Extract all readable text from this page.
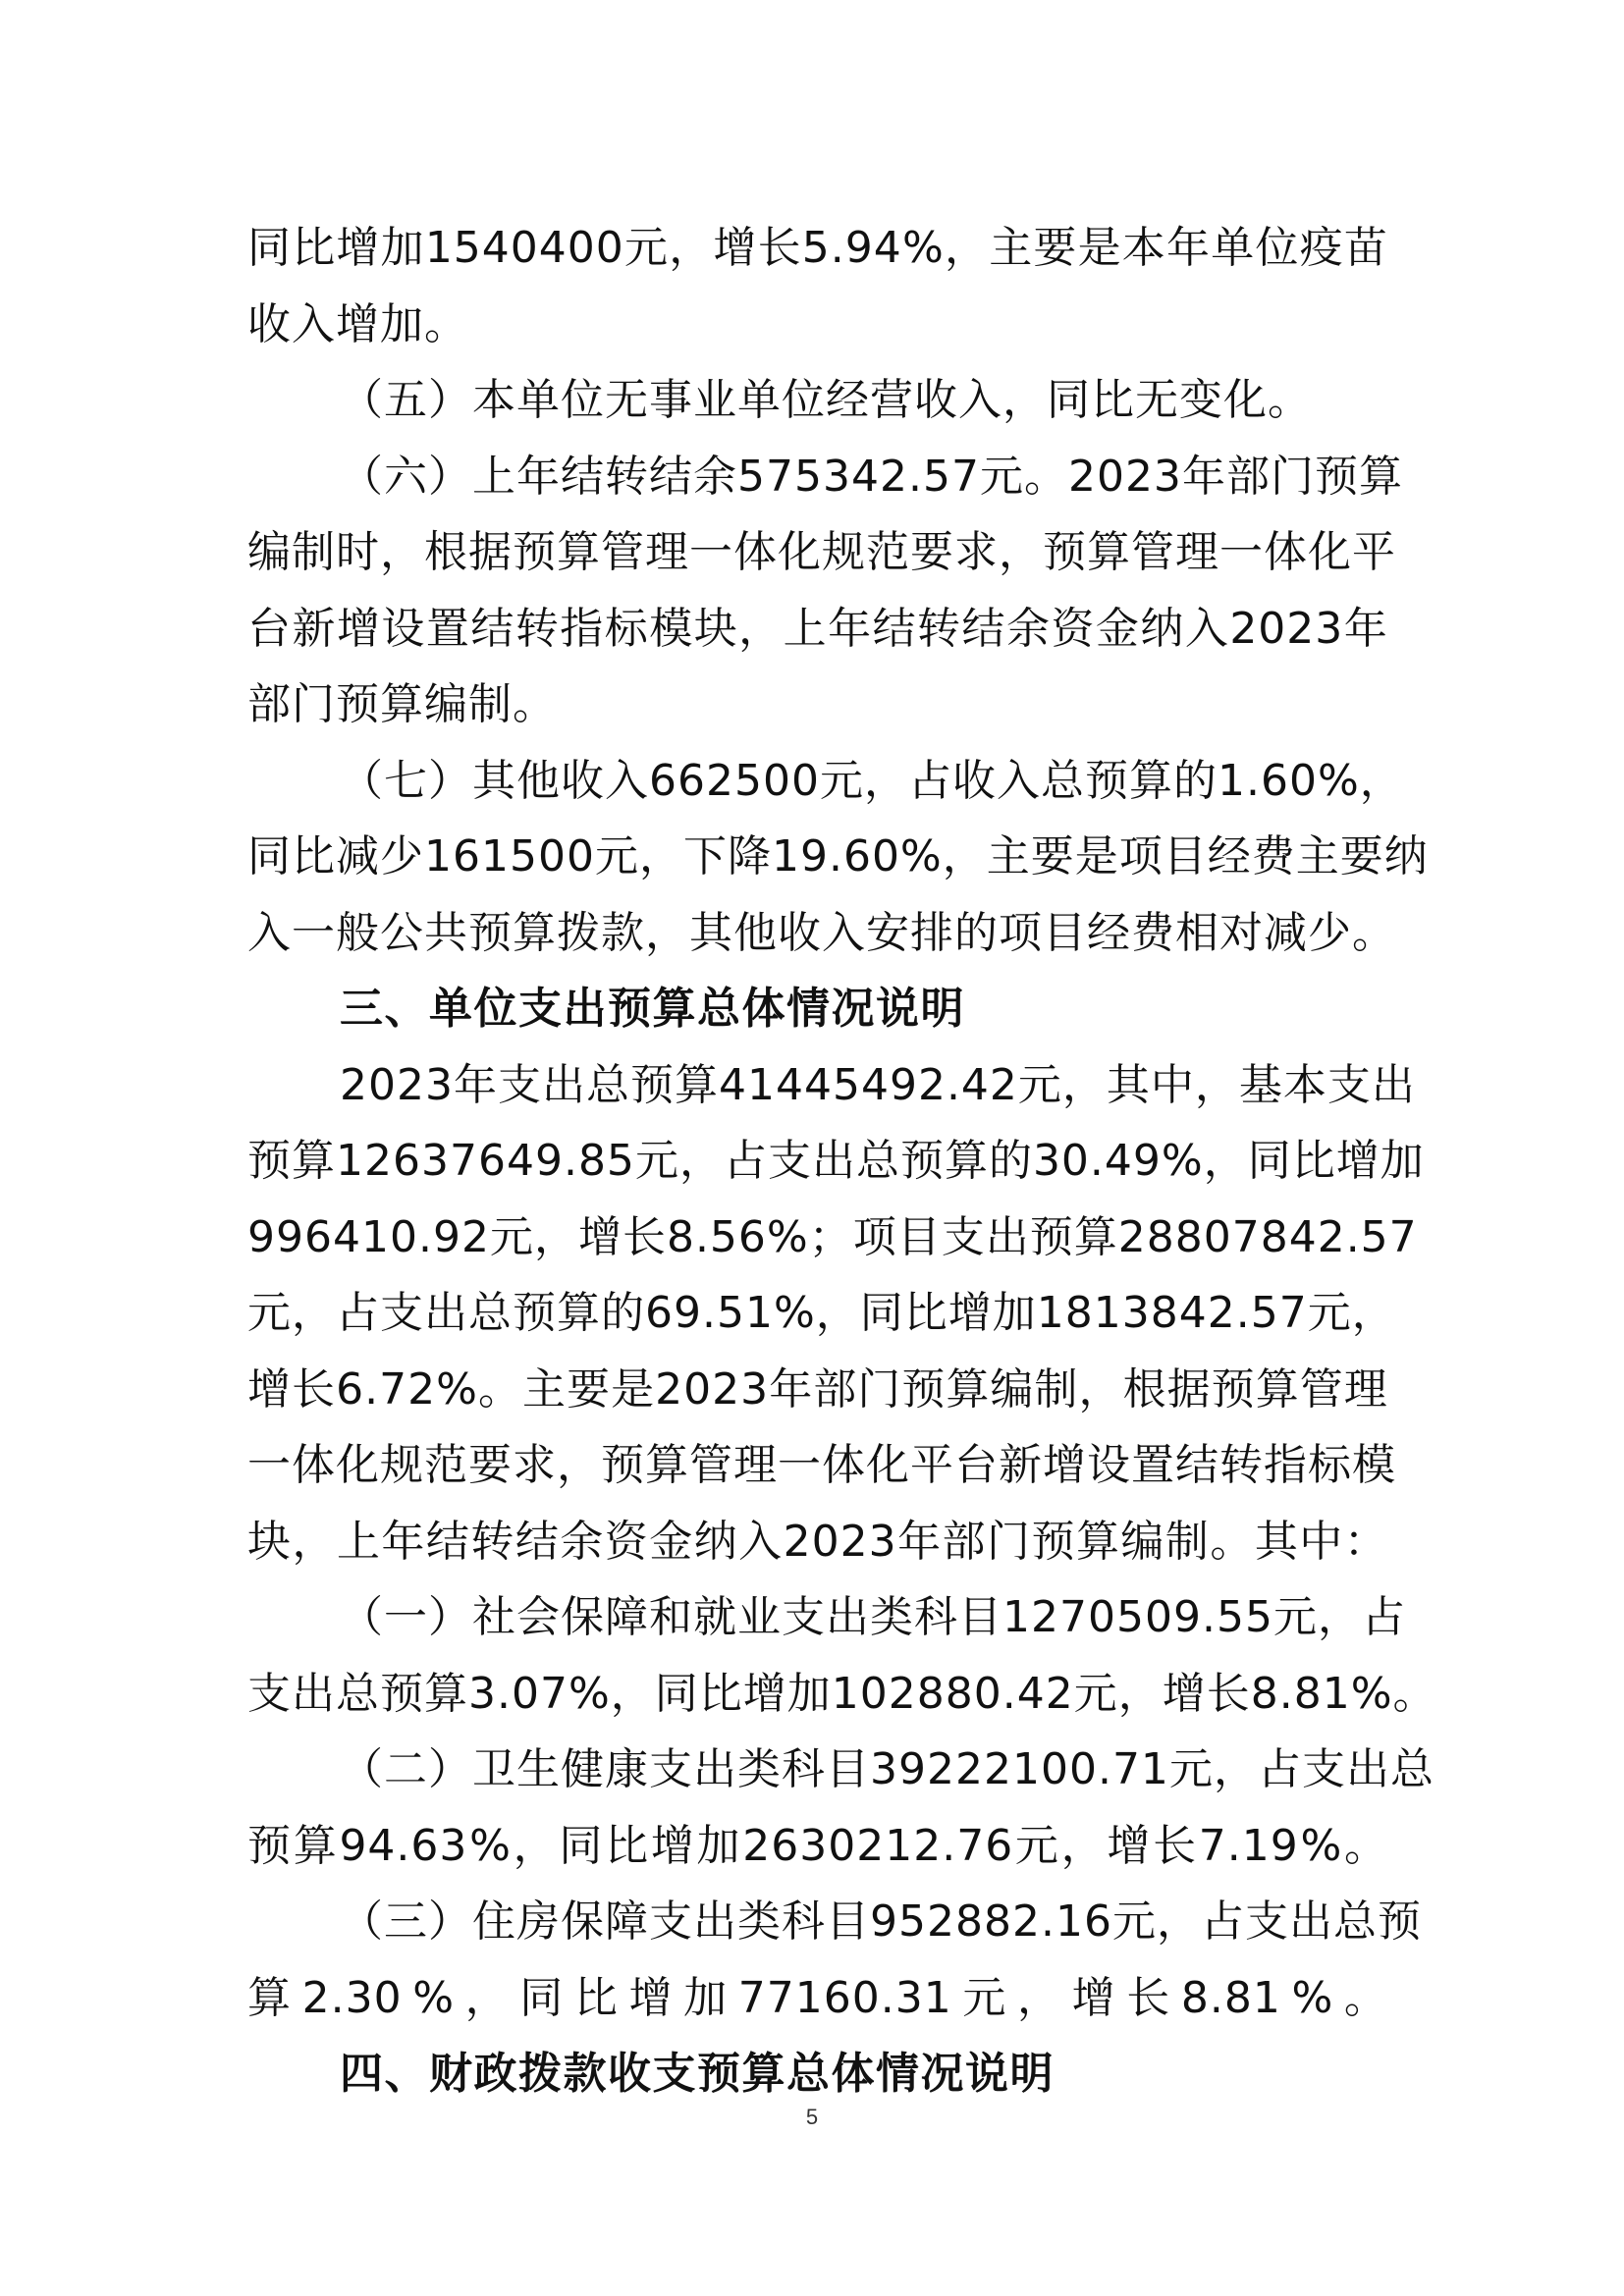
同 比 增 加 1540400 元 ， 增 长 5.94 % ， 主 要 是 本 年 单 位 疫 苗
收入增加。
（五）本单位无事业单位经营收入，同比无变化。
（ 六 ） 上 年 结 转 结 余 575342.57 元 。 2023 年 部 门 预 算
编 制 时 ， 根 据 预 算 管 理 一 体 化 规 范 要 求 ， 预 算 管 理 一 体 化 平
台 新 增 设 置 结 转 指 标 模 块 ， 上 年 结 转 结 余 资 金 纳 入 2023 年
部门预算编制。
（ 七 ） 其 他 收 入 662500 元 ， 占 收 入 总 预 算 的 1.60 % ，
同 比 减 少 161500 元 ， 下 降 19.60% ， 主 要 是 项 目 经 费 主 要 纳
入 一 般 公 共 预 算 拨 款 ， 其 他 收 入 安 排 的 项 目 经 费 相 对 减 少 。
三、单位支出预算总体情况说明
2023 年 支 出 总 预 算 41445492.42 元 ， 其 中 ， 基 本 支 出
预 算 12637649.85 元 ， 占 支 出 总 预 算 的 30.49 % ， 同 比 增 加
996410.92 元 ， 增 长 8.56 % ； 项 目 支 出 预 算 28807842.57
元 ， 占 支 出 总 预 算 的 69.51 % ， 同 比 增 加 1813842.57 元 ，
增 长 6.72 % 。 主 要 是 2023 年 部 门 预 算 编 制 ， 根 据 预 算 管 理
一 体 化 规 范 要 求 ， 预 算 管 理 一 体 化 平 台 新 增 设 置 结 转 指 标 模
块 ， 上 年 结 转 结 余 资 金 纳 入 2023 年 部 门 预 算 编 制 。 其 中 ：
（ 一 ） 社 会 保 障 和 就 业 支 出 类 科 目 1270509.55 元 ， 占
支 出 总 预 算 3.07 % ， 同 比 增 加 102880.42 元 ， 增 长 8.81 % 。
（ 二 ） 卫 生 健 康 支 出 类 科 目 39222100.71 元 ， 占 支 出 总
预 算 94.63 % ， 同 比 增 加 2630212.76 元 ， 增 长 7.19 % 。
（ 三 ） 住 房 保 障 支 出 类 科 目 952882.16 元 ， 占 支 出 总 预
算 2.30 % ， 同 比 增 加 77160.31 元 ， 增 长 8.81 % 。
四、财政拨款收支预算总体情况说明
5
